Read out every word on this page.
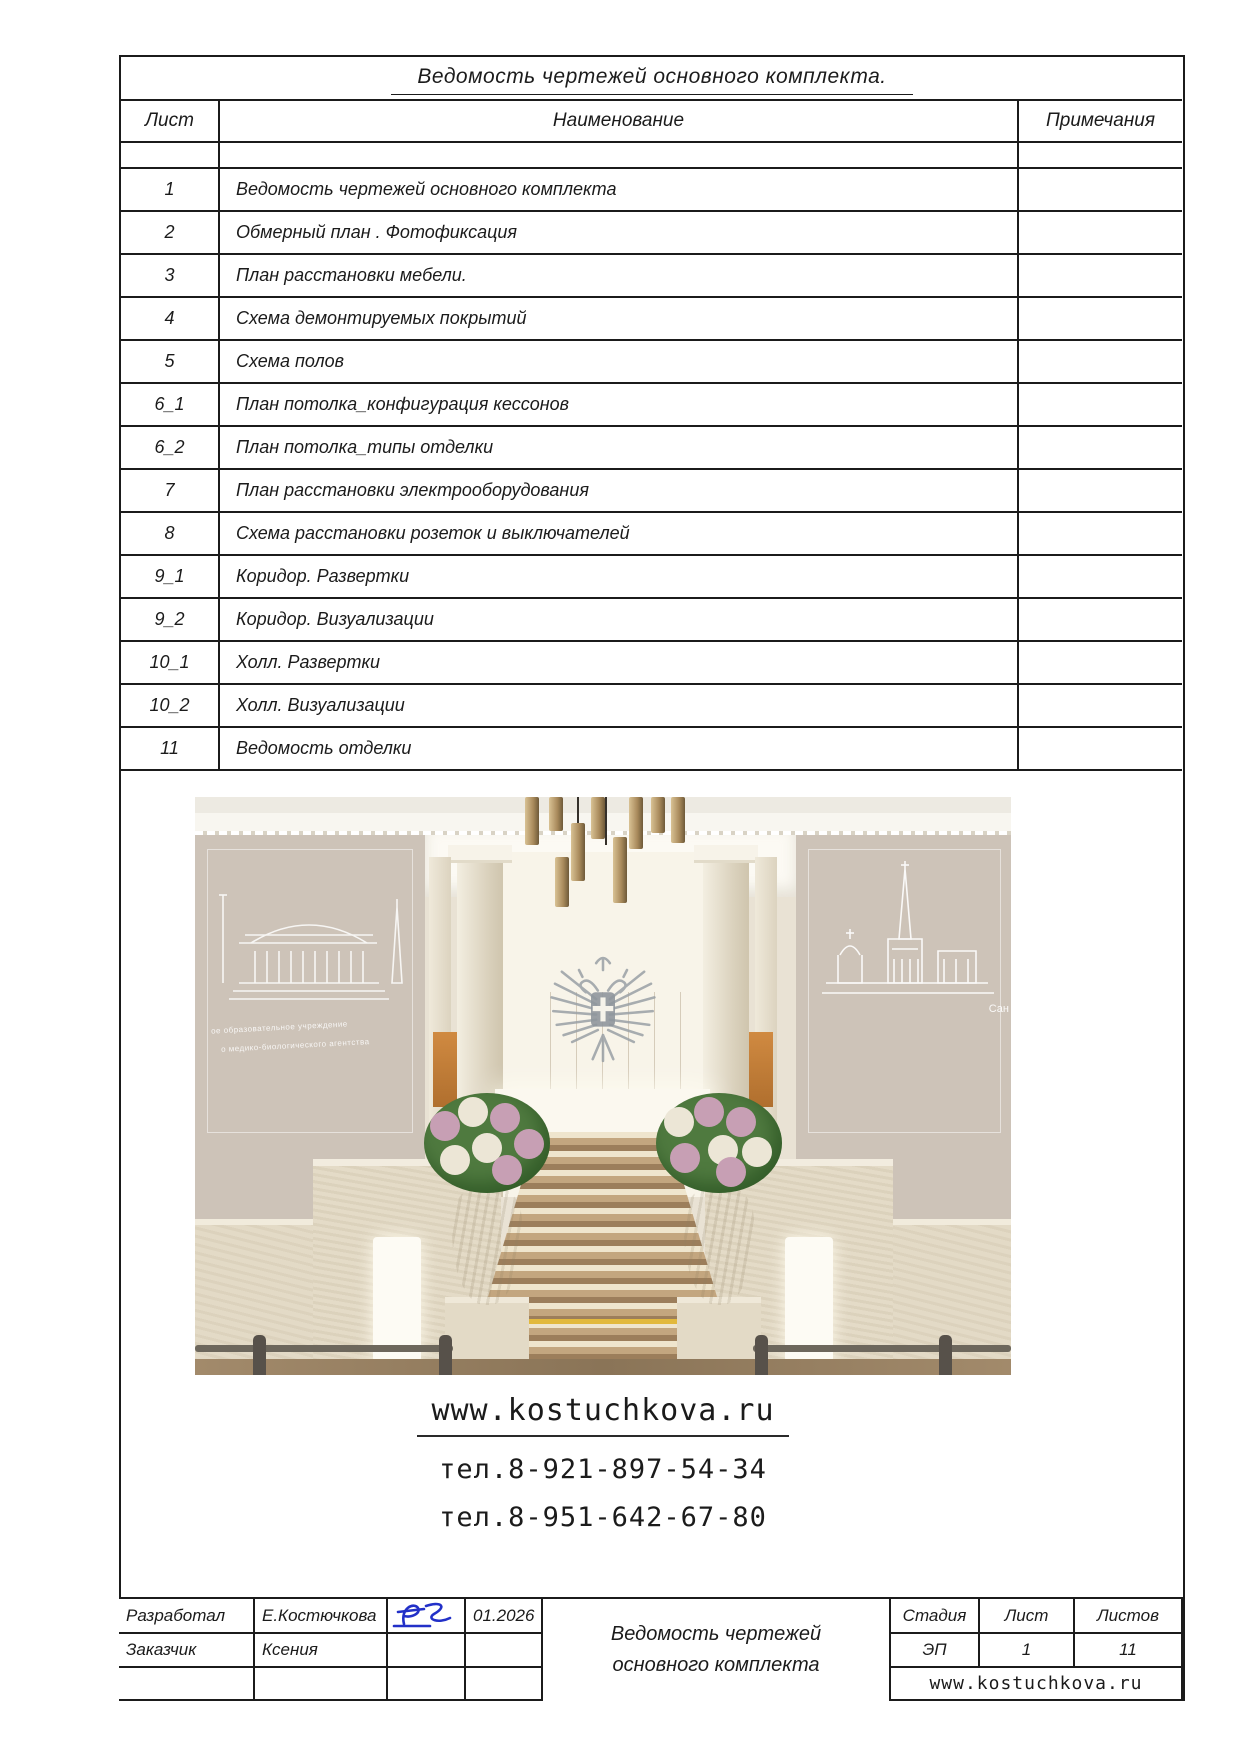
Ведомость чертежей основного комплекта.
Лист	Наименование	Примечания

1	Ведомость чертежей основного комплекта	
2	Обмерный план . Фотофиксация	
3	План расстановки мебели.	
4	Схема демонтируемых покрытий	
5	Схема полов	
6_1	План потолка_конфигурация кессонов	
6_2	План потолка_типы отделки	
7	План расстановки электрооборудования	
8	Схема расстановки розеток и выключателей	
9_1	Коридор. Развертки	
9_2	Коридор. Визуализации	
10_1	Холл. Развертки	
10_2	Холл. Визуализации	
11	Ведомость отделки	
ое образовательное учреждение
о медико-биологического агентства
Сан
www.kostuchkova.ru
тел.8-921-897-54-34
тел.8-951-642-67-80
Разработал	Е.Костючкова	01.2026
Заказчик	Ксения
Ведомость чертежей
основного комплекта
Стадия	Лист	Листов
ЭП	1	11
www.kostuchkova.ru
